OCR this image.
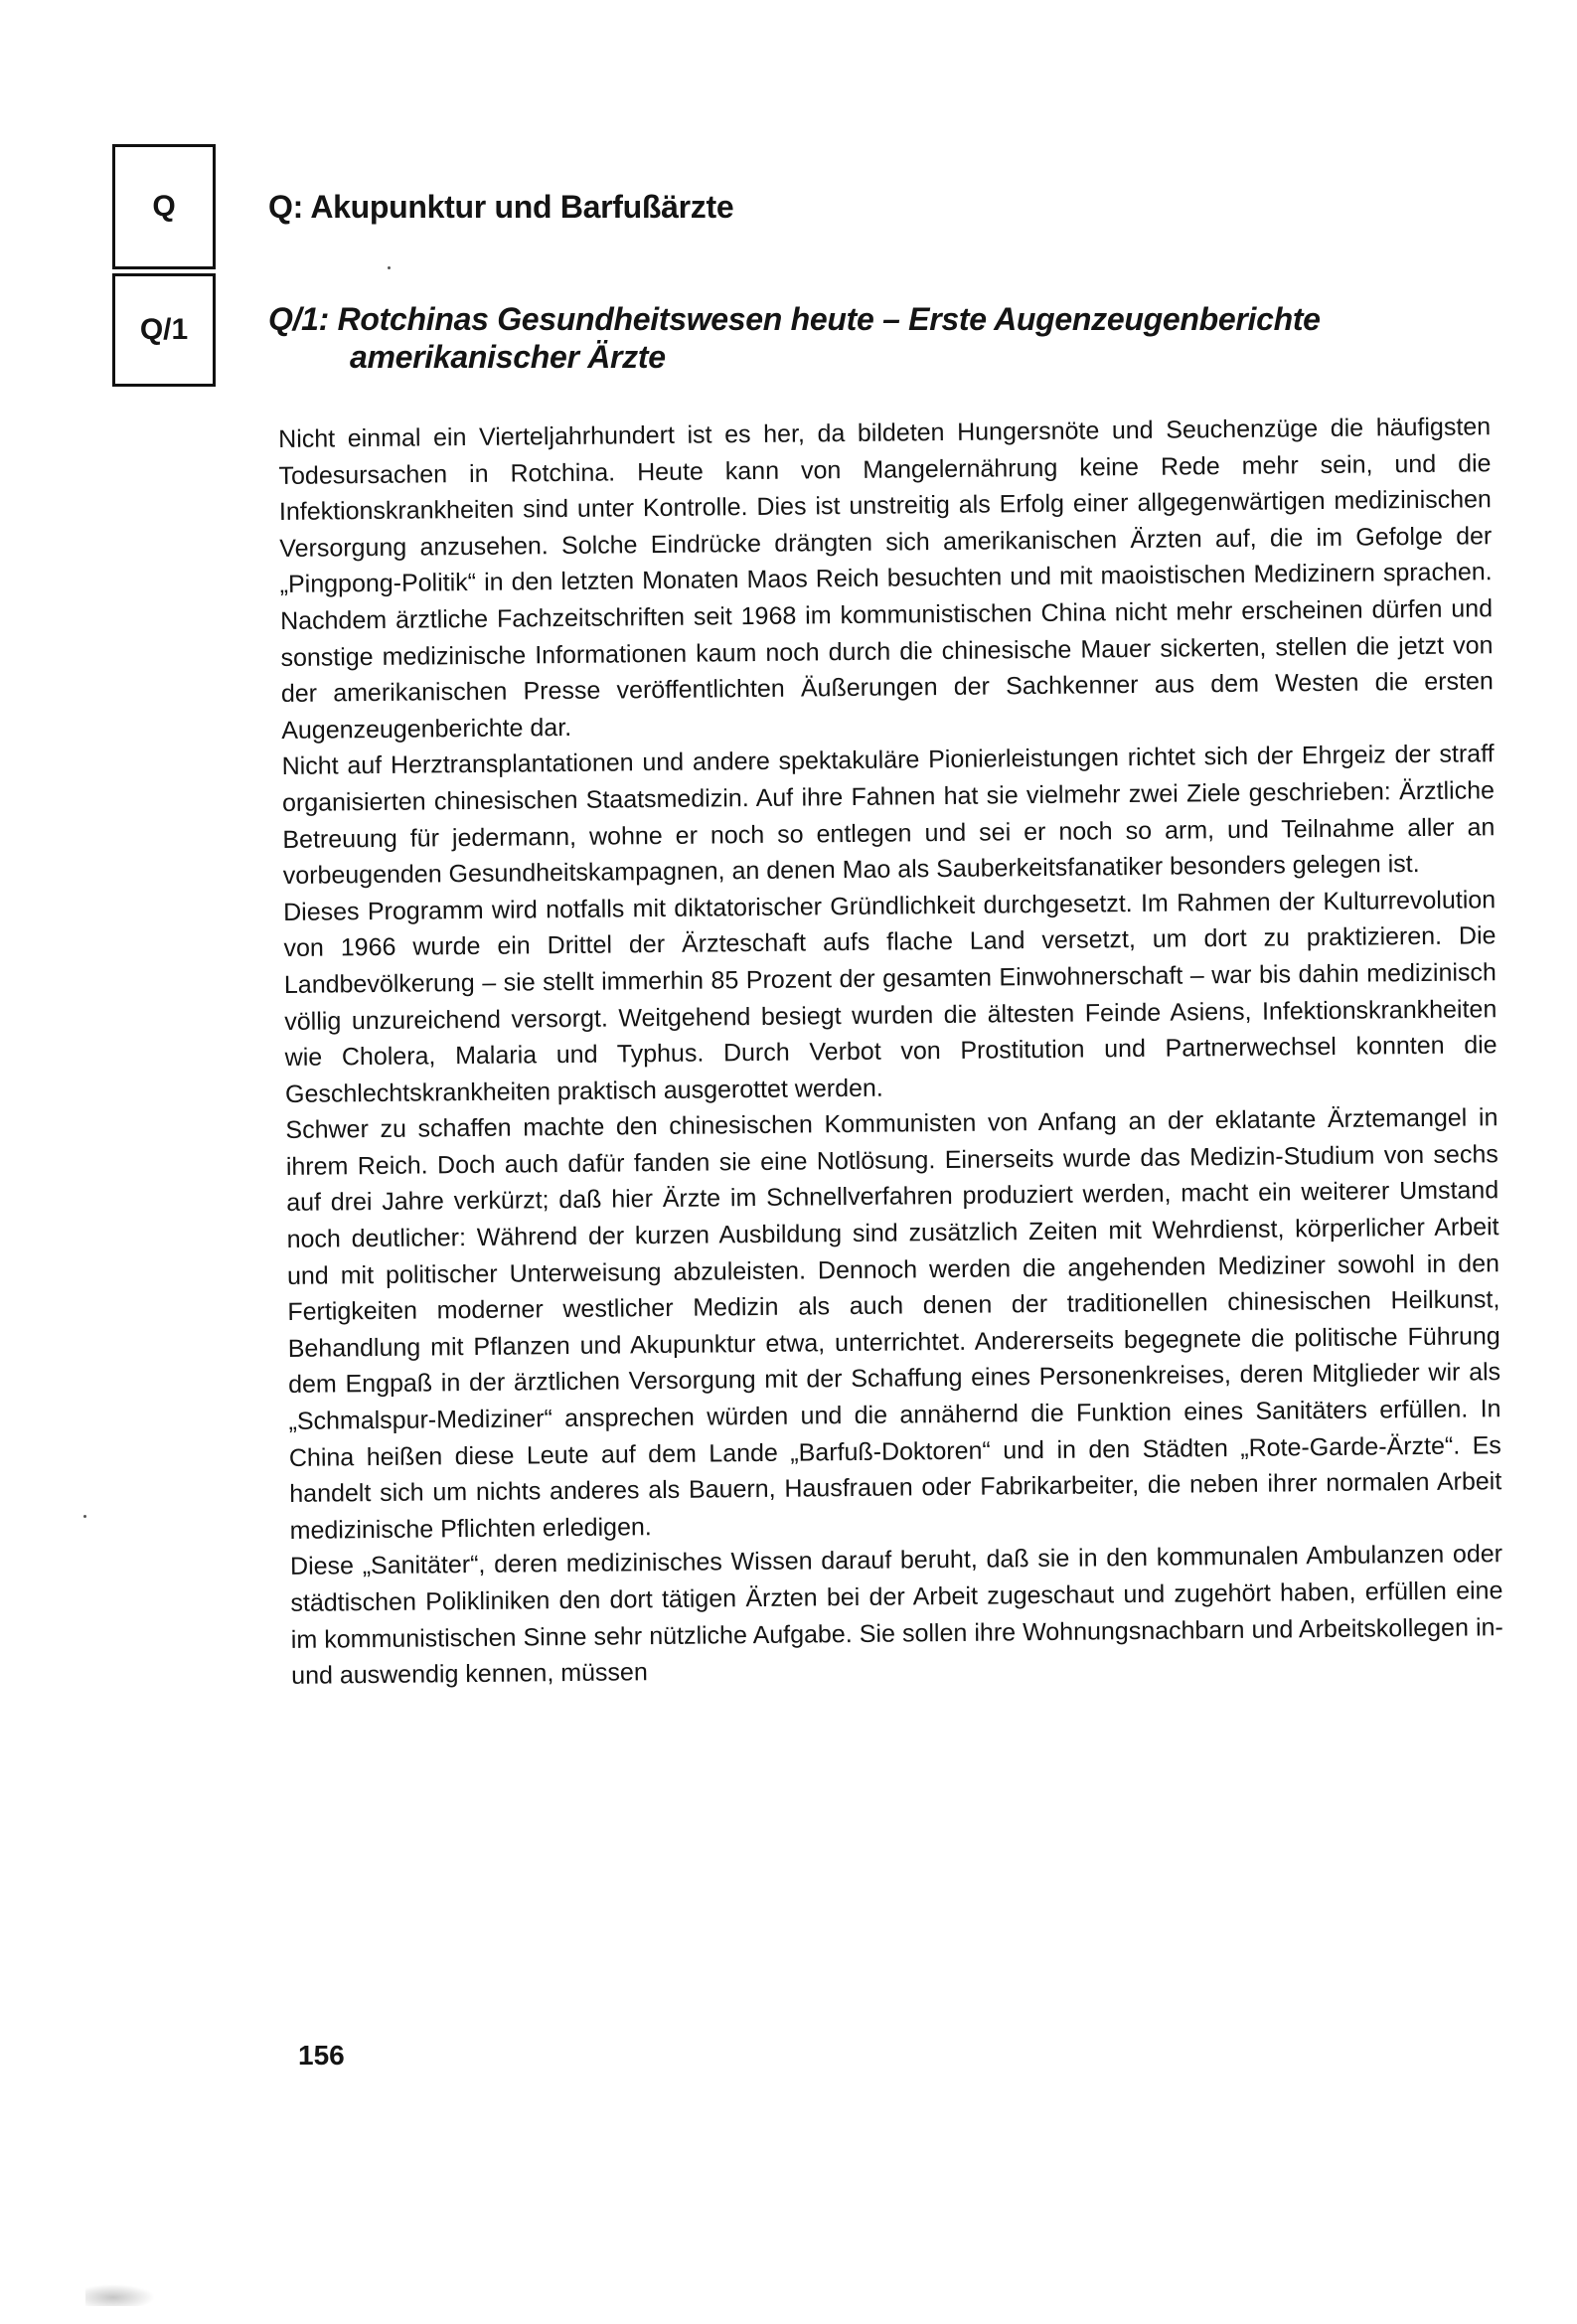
Q
Q/1
Q: Akupunktur und Barfußärzte
Q/1: Rotchinas Gesundheitswesen heute – Erste Augenzeugenberichte
amerikanischer Ärzte

Nicht einmal ein Vierteljahrhundert ist es her, da bildeten Hungersnöte und Seuchenzüge die häufigsten Todesursachen in Rotchina. Heute kann von Mangelernährung keine Rede mehr sein, und die Infektionskrankheiten sind unter Kontrolle. Dies ist unstreitig als Erfolg einer allgegenwärtigen medizinischen Versorgung anzusehen. Solche Eindrücke drängten sich amerikanischen Ärzten auf, die im Gefolge der „Pingpong-Politik“ in den letzten Monaten Maos Reich besuchten und mit maoistischen Medizinern sprachen. Nachdem ärztliche Fachzeitschriften seit 1968 im kommunistischen China nicht mehr erscheinen dürfen und sonstige medizinische Informationen kaum noch durch die chinesische Mauer sickerten, stellen die jetzt von der amerikanischen Presse veröffentlichten Äußerungen der Sachkenner aus dem Westen die ersten Augenzeugenberichte dar.

Nicht auf Herztransplantationen und andere spektakuläre Pionierleistungen richtet sich der Ehrgeiz der straff organisierten chinesischen Staatsmedizin. Auf ihre Fahnen hat sie vielmehr zwei Ziele geschrieben: Ärztliche Betreuung für jedermann, wohne er noch so entlegen und sei er noch so arm, und Teilnahme aller an vorbeugenden Gesundheitskampagnen, an denen Mao als Sauberkeitsfanatiker besonders gelegen ist.

Dieses Programm wird notfalls mit diktatorischer Gründlichkeit durchgesetzt. Im Rahmen der Kulturrevolution von 1966 wurde ein Drittel der Ärzteschaft aufs flache Land versetzt, um dort zu praktizieren. Die Landbevölkerung – sie stellt immerhin 85 Prozent der gesamten Einwohnerschaft – war bis dahin medizinisch völlig unzureichend versorgt. Weitgehend besiegt wurden die ältesten Feinde Asiens, Infektionskrankheiten wie Cholera, Malaria und Typhus. Durch Verbot von Prostitution und Partnerwechsel konnten die Geschlechtskrankheiten praktisch ausgerottet werden.

Schwer zu schaffen machte den chinesischen Kommunisten von Anfang an der eklatante Ärztemangel in ihrem Reich. Doch auch dafür fanden sie eine Notlösung. Einerseits wurde das Medizin-Studium von sechs auf drei Jahre verkürzt; daß hier Ärzte im Schnellverfahren produziert werden, macht ein weiterer Umstand noch deutlicher: Während der kurzen Ausbildung sind zusätzlich Zeiten mit Wehrdienst, körperlicher Arbeit und mit politischer Unterweisung abzuleisten. Dennoch werden die angehenden Mediziner sowohl in den Fertigkeiten moderner westlicher Medizin als auch denen der traditionellen chinesischen Heilkunst, Behandlung mit Pflanzen und Akupunktur etwa, unterrichtet. Andererseits begegnete die politische Führung dem Engpaß in der ärztlichen Versorgung mit der Schaffung eines Personenkreises, deren Mitglieder wir als „Schmalspur-Mediziner“ ansprechen würden und die annähernd die Funktion eines Sanitäters erfüllen. In China heißen diese Leute auf dem Lande „Barfuß-Doktoren“ und in den Städten „Rote-Garde-Ärzte“. Es handelt sich um nichts anderes als Bauern, Hausfrauen oder Fabrikarbeiter, die neben ihrer normalen Arbeit medizinische Pflichten erledigen.

Diese „Sanitäter“, deren medizinisches Wissen darauf beruht, daß sie in den kommunalen Ambulanzen oder städtischen Polikliniken den dort tätigen Ärzten bei der Arbeit zugeschaut und zugehört haben, erfüllen eine im kommunistischen Sinne sehr nützliche Aufgabe. Sie sollen ihre Wohnungsnachbarn und Arbeitskollegen in- und auswendig kennen, müssen

156
